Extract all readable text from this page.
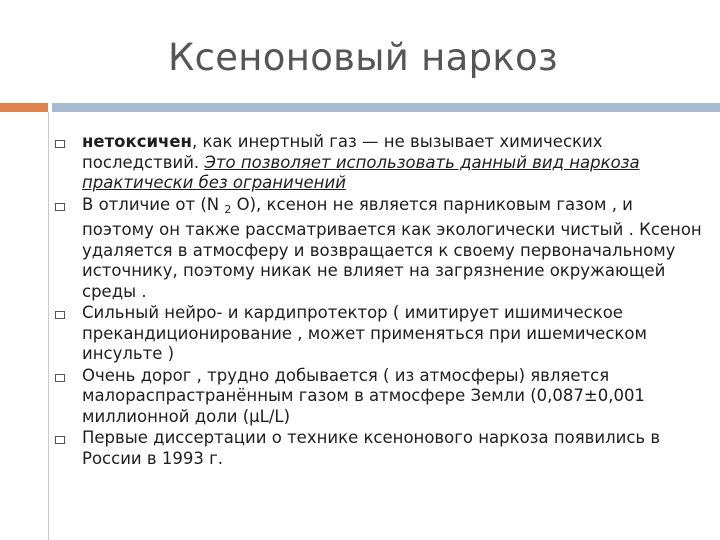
Ксеноновый наркоз
нетоксичен, как инертный газ — не вызывает химических последствий. Это позволяет использовать данный вид наркоза практически без ограничений
В отличие от (N $_2$ O), ксенон не является парниковым газом , и поэтому он также рассматривается как экологически чистый . Ксенон удаляется в атмосферу и возвращается к своему первоначальному источнику, поэтому никак не влияет на загрязнение окружающей среды .
Сильный нейро- и кардипротектор ( имитирует ишимическое прекандиционирование , может применяться при ишемическом инсульте )
Очень дорог , трудно добывается ( из атмосферы) является малораспрастранённым газом в атмосфере Земли (0,087±0,001 миллионной доли (µL/L)
Первые диссертации о технике ксенонового наркоза появились в России в 1993 г.
